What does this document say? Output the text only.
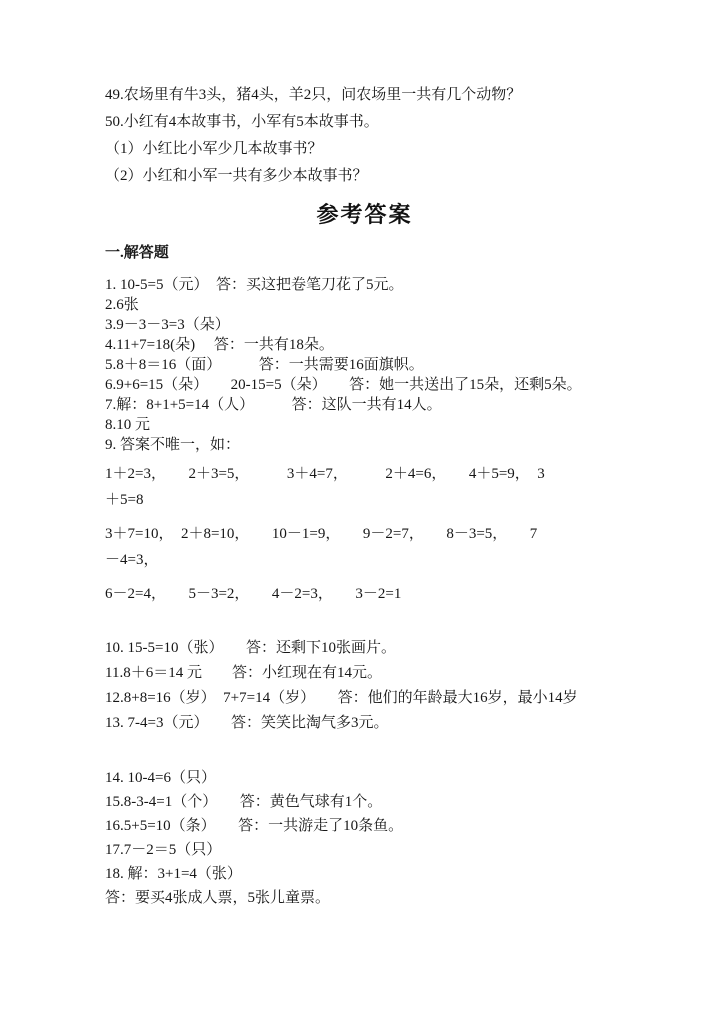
49.农场里有牛3头，猪4头，羊2只，问农场里一共有几个动物？

50.小红有4本故事书，小军有5本故事书。

（1）小红比小军少几本故事书？

（2）小红和小军一共有多少本故事书？

参考答案
一.解答题
1. 10-5=5（元）　答：买这把卷笔刀花了5元。
2.6张
3.9－3－3=3（朵）
4.11+7=18(朵)　 答：一共有18朵。
5.8＋8＝16（面）　　　答：一共需要16面旗帜。
6.9+6=15（朵）　　20-15=5（朵）　　答：她一共送出了15朵，还剩5朵。
7.解：8+1+5=14（人）　　　答：这队一共有14人。
8.10 元
9. 答案不唯一，如：
1＋2=3，　　2＋3=5，　　　3＋4=7，　　　2＋4=6，　　4＋5=9，　3
＋5=8
3＋7=10，　2＋8=10，　　10－1=9，　　9－2=7，　　8－3=5，　　7
－4=3，
6－2=4，　　5－3=2，　　4－2=3，　　3－2=1
10. 15-5=10（张）　　答：还剩下10张画片。
11.8＋6＝14 元　　答：小红现在有14元。
12.8+8=16（岁）　7+7=14（岁）　　答：他们的年龄最大16岁，最小14岁
13. 7-4=3（元）　　答：笑笑比淘气多3元。
14. 10-4=6（只）
15.8-3-4=1（个）　　答：黄色气球有1个。
16.5+5=10（条）　　答：一共游走了10条鱼。
17.7－2＝5（只）
18. 解：3+1=4（张）

答：要买4张成人票，5张儿童票。
